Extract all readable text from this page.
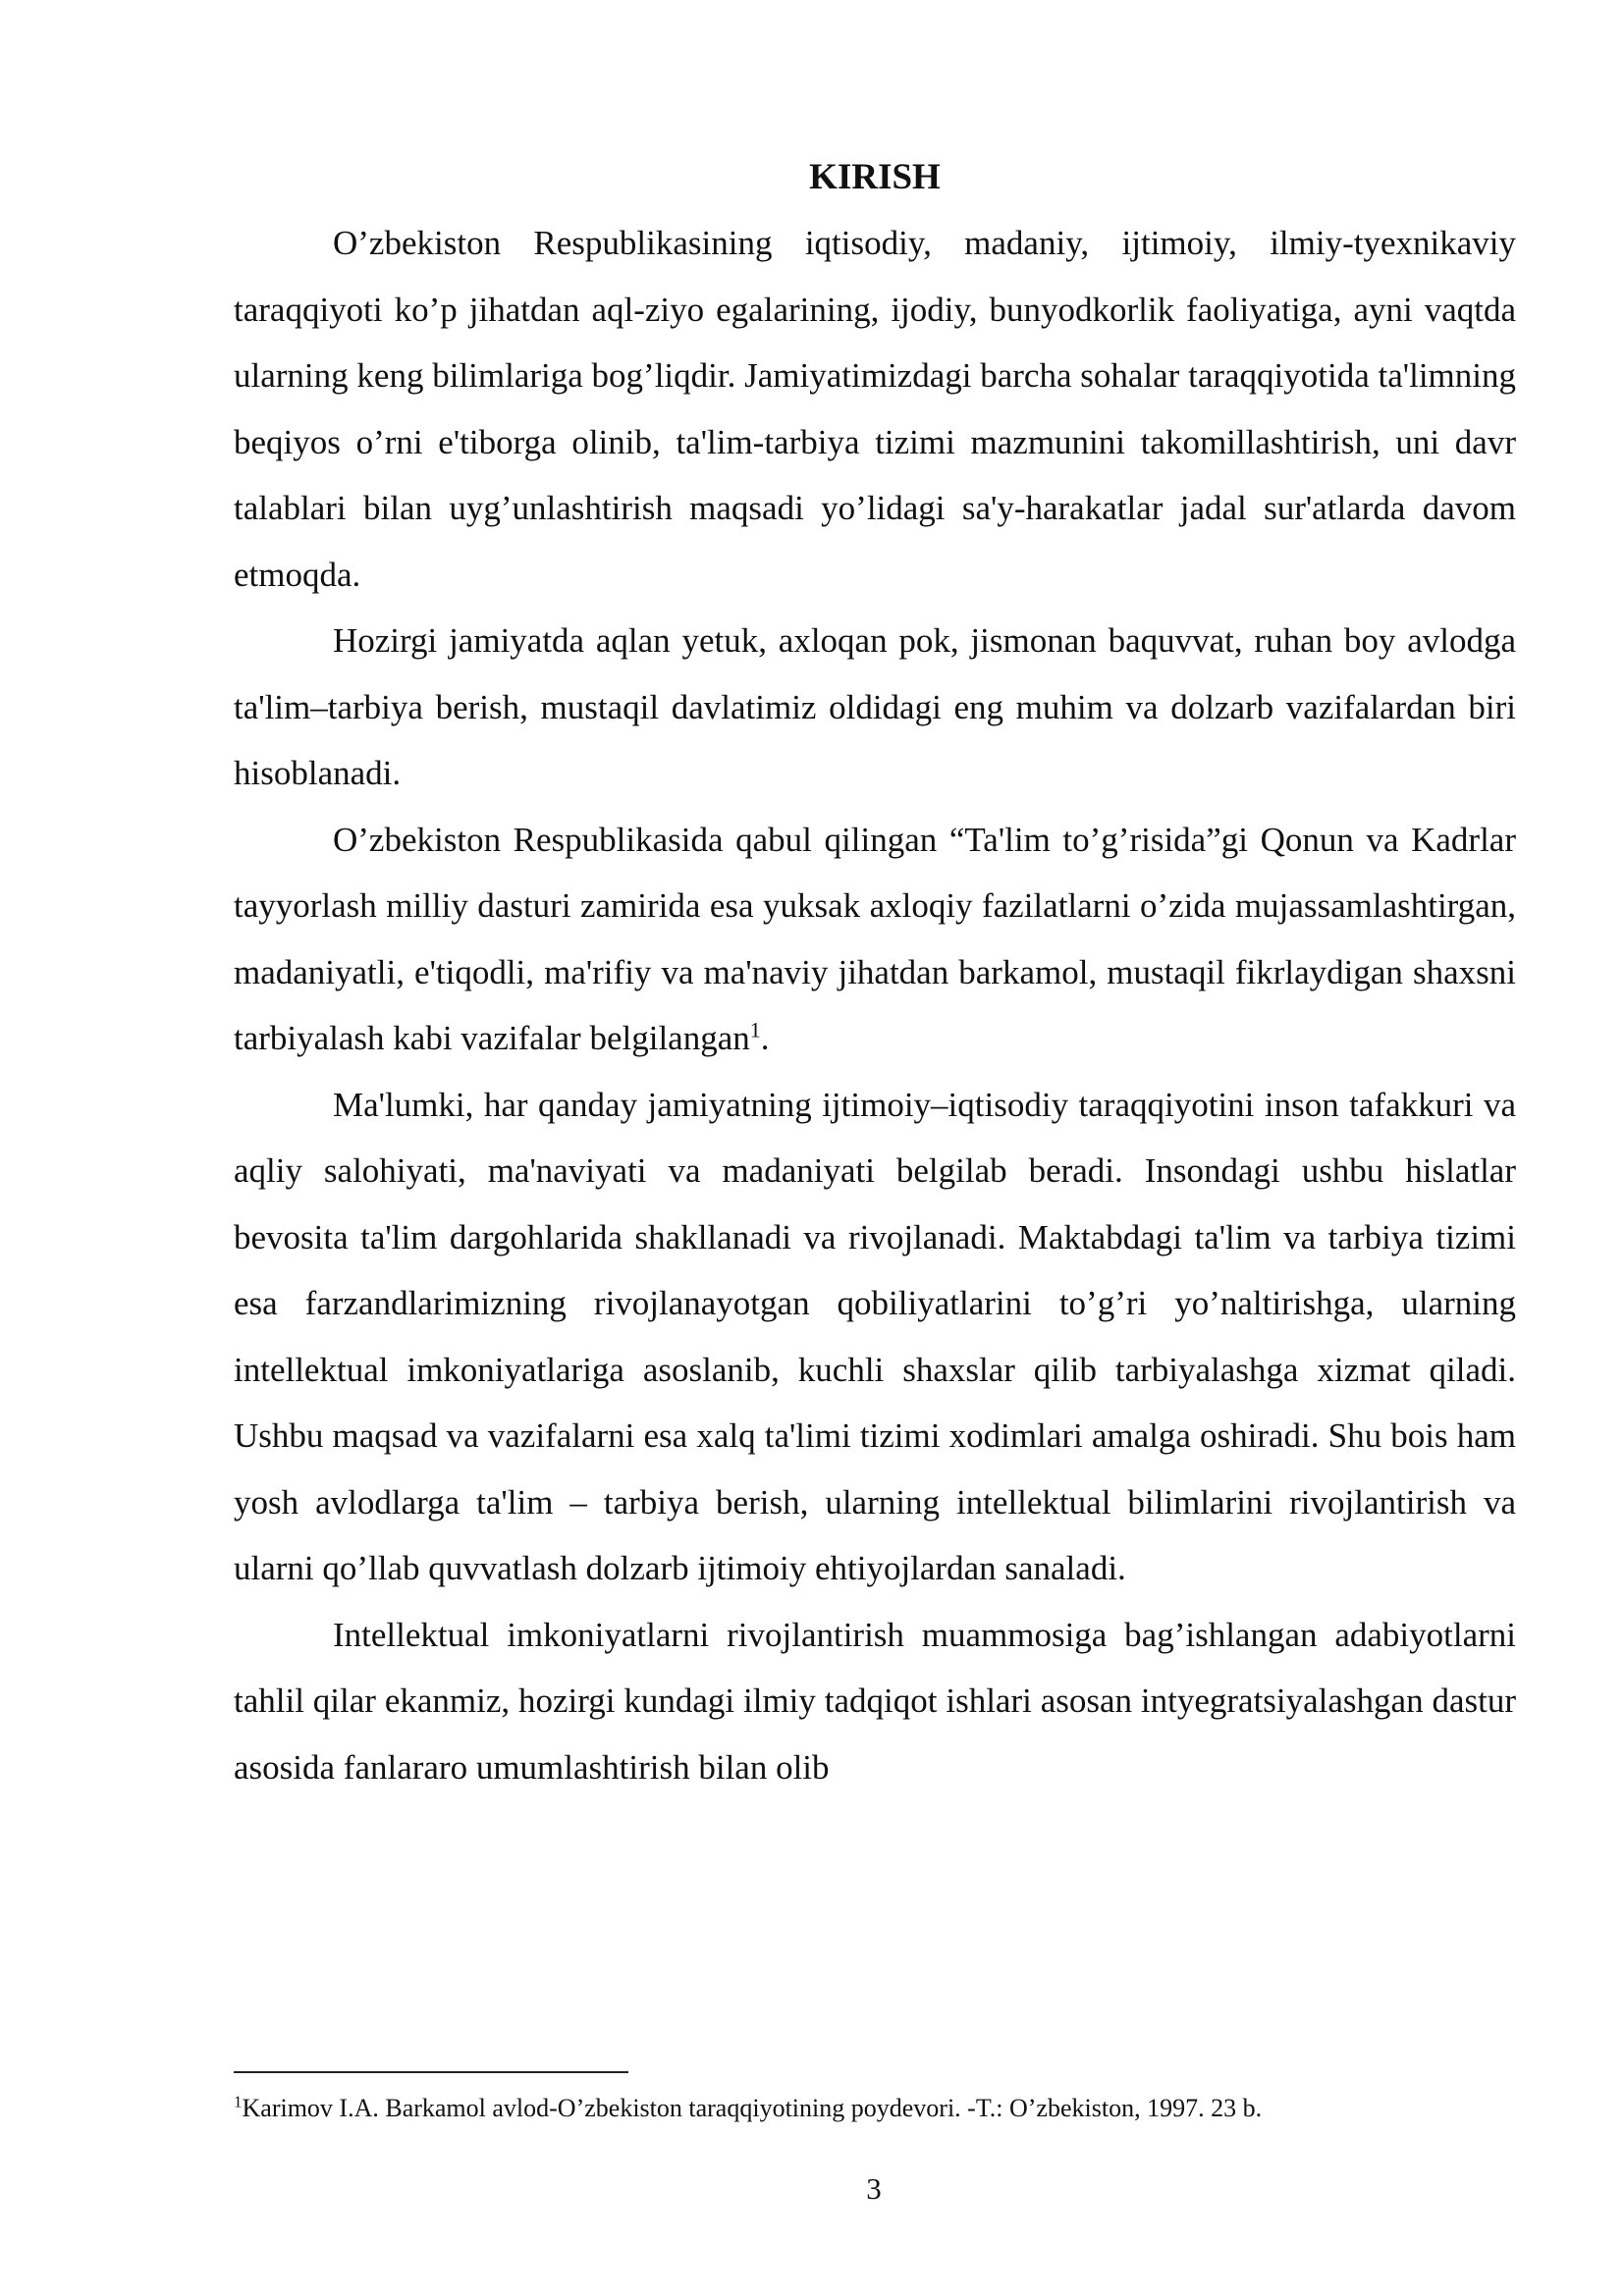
KIRISH

O’zbekiston Respublikasining iqtisodiy, madaniy, ijtimoiy, ilmiy-tyexnikaviy taraqqiyoti ko’p jihatdan aql-ziyo egalarining, ijodiy, bunyodkorlik faoliyatiga, ayni vaqtda ularning keng bilimlariga bog’liqdir. Jamiyatimizdagi barcha sohalar taraqqiyotida ta'limning beqiyos o’rni e'tiborga olinib, ta'lim-tarbiya tizimi mazmunini takomillashtirish, uni davr talablari bilan uyg’unlashtirish maqsadi yo’lidagi sa'y-harakatlar jadal sur'atlarda davom etmoqda.

Hozirgi jamiyatda aqlan yetuk, axloqan pok, jismonan baquvvat, ruhan boy avlodga ta'lim–tarbiya berish, mustaqil davlatimiz oldidagi eng muhim va dolzarb vazifalardan biri hisoblanadi.

O’zbekiston Respublikasida qabul qilingan “Ta'lim to’g’risida”gi Qonun va Kadrlar tayyorlash milliy dasturi zamirida esa yuksak axloqiy fazilatlarni o’zida mujassamlashtirgan, madaniyatli, e'tiqodli, ma'rifiy va ma'naviy jihatdan barkamol, mustaqil fikrlaydigan shaxsni tarbiyalash kabi vazifalar belgilangan$^1$.

Ma'lumki, har qanday jamiyatning ijtimoiy–iqtisodiy taraqqiyotini inson tafakkuri va aqliy salohiyati, ma'naviyati va madaniyati belgilab beradi. Insondagi ushbu hislatlar bevosita ta'lim dargohlarida shakllanadi va rivojlanadi. Maktabdagi ta'lim va tarbiya tizimi esa farzandlarimizning rivojlanayotgan qobiliyatlarini to’g’ri yo’naltirishga, ularning intellektual imkoniyatlariga asoslanib, kuchli shaxslar qilib tarbiyalashga xizmat qiladi. Ushbu maqsad va vazifalarni esa xalq ta'limi tizimi xodimlari amalga oshiradi. Shu bois ham yosh avlodlarga ta'lim – tarbiya berish, ularning intellektual bilimlarini rivojlantirish va ularni qo’llab quvvatlash dolzarb ijtimoiy ehtiyojlardan sanaladi.

Intellektual imkoniyatlarni rivojlantirish muammosiga bag’ishlangan adabiyotlarni tahlil qilar ekanmiz, hozirgi kundagi ilmiy tadqiqot ishlari asosan intyegratsiyalashgan dastur asosida fanlararo umumlashtirish bilan olib

$^1$Karimov I.A. Barkamol avlod-O’zbekiston taraqqiyotining poydevori. -T.: O’zbekiston, 1997. 23 b.

3
